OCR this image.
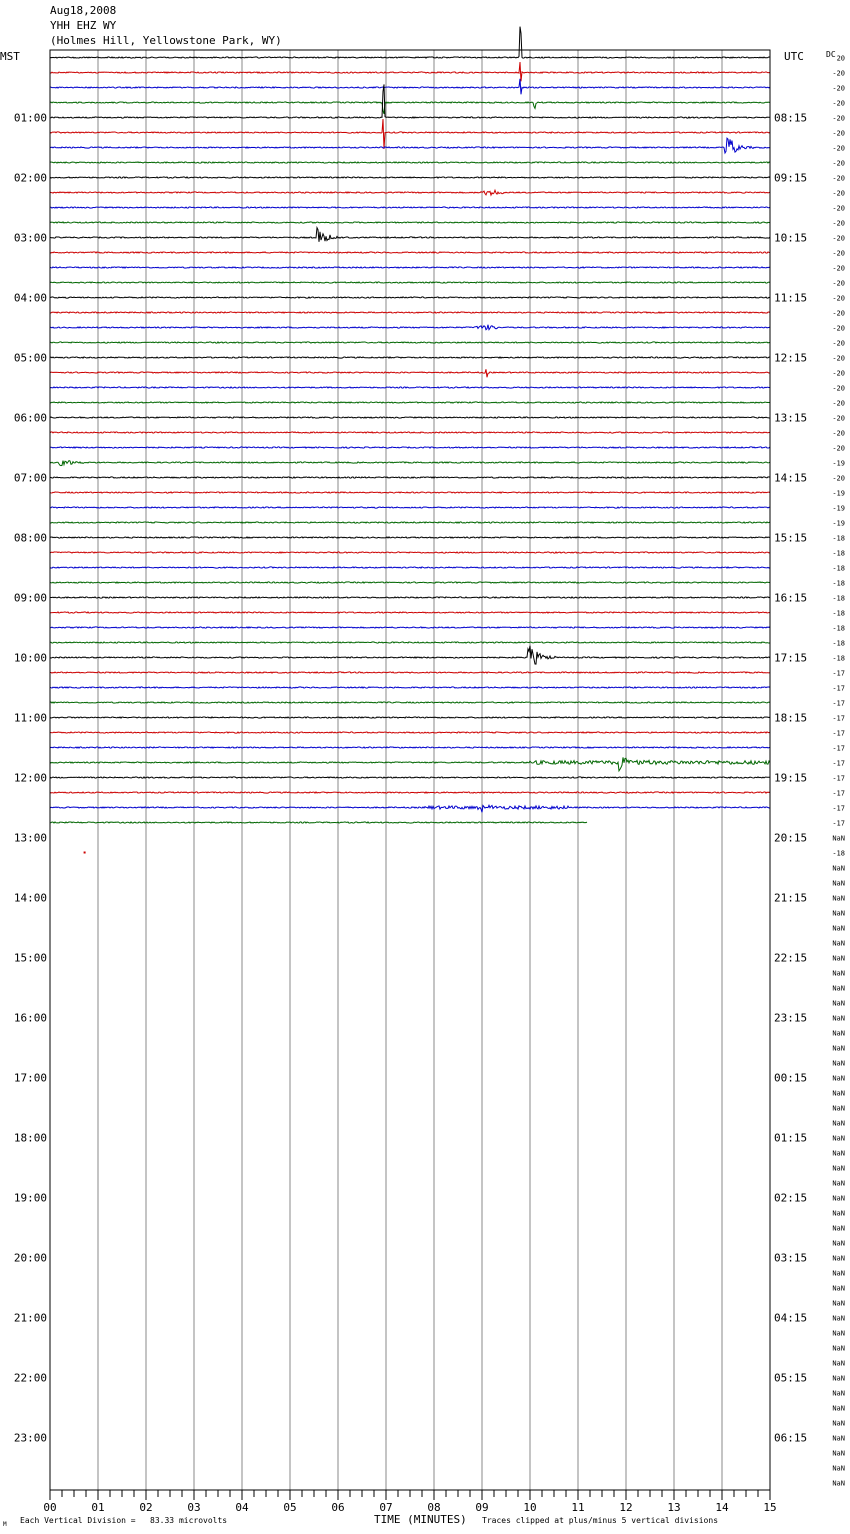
Aug18,2008
YHH EHZ WY
(Holmes Hill, Yellowstone Park, WY)
MST	UTC
00	01	02	03	04	05	06	07	08	09	10	11	12	13	14	15
01:00	08:15
02:00	09:15
03:00	10:15
04:00	11:15
05:00	12:15
06:00	13:15
07:00	14:15
08:00	15:15
09:00	16:15
10:00	17:15
11:00	18:15
12:00	19:15
13:00	20:15
14:00	21:15
15:00	22:15
16:00	23:15
17:00	00:15
18:00	01:15
19:00	02:15
20:00	03:15
21:00	04:15
22:00	05:15
23:00	06:15
20
-20
-20
-20
-20
-20
-20
-20
-20
-20
-20
-20
-20
-20
-20
-20
-20
-20
-20
-20
-20
-20
-20
-20
-20
-20
-20
-19
-20
-19
-19
-19
-18
-18
-18
-18
-18
-18
-18
-18
-18
-17
-17
-17
-17
-17
-17
-17
-17
-17
-17
-17
NaN
-18
NaN
NaN
NaN
NaN
NaN
NaN
NaN
NaN
NaN
NaN
NaN
NaN
NaN
NaN
NaN
NaN
NaN
NaN
NaN
NaN
NaN
NaN
NaN
NaN
NaN
NaN
NaN
NaN
NaN
NaN
NaN
NaN
NaN
NaN
NaN
NaN
NaN
NaN
NaN
NaN
NaN
NaN
DC
M Each Vertical Division =   83.33 microvolts	TIME (MINUTES) Traces clipped at plus/minus 5 vertical divisions
